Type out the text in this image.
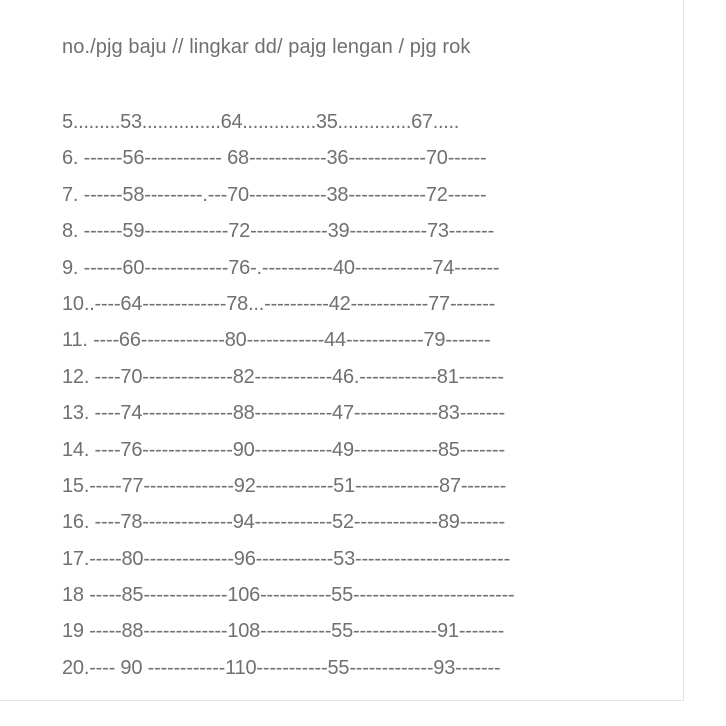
no./pjg baju // lingkar dd/ pajg lengan / pjg rok
5.........53...............64..............35..............67.....
6. ------56------------ 68------------36------------70------
7. ------58---------.---70------------38------------72------
8. ------59-------------72------------39------------73-------
9. ------60-------------76-.-----------40------------74-------
10..----64-------------78...----------42------------77-------
11. ----66-------------80------------44------------79-------
12. ----70--------------82------------46.------------81-------
13. ----74--------------88------------47-------------83-------
14. ----76--------------90------------49-------------85-------
15.-----77--------------92------------51-------------87-------
16. ----78--------------94------------52-------------89-------
17.-----80--------------96------------53------------------------
18 -----85-------------106-----------55-------------------------
19 -----88-------------108-----------55-------------91-------
20.---- 90 ------------110-----------55-------------93-------
